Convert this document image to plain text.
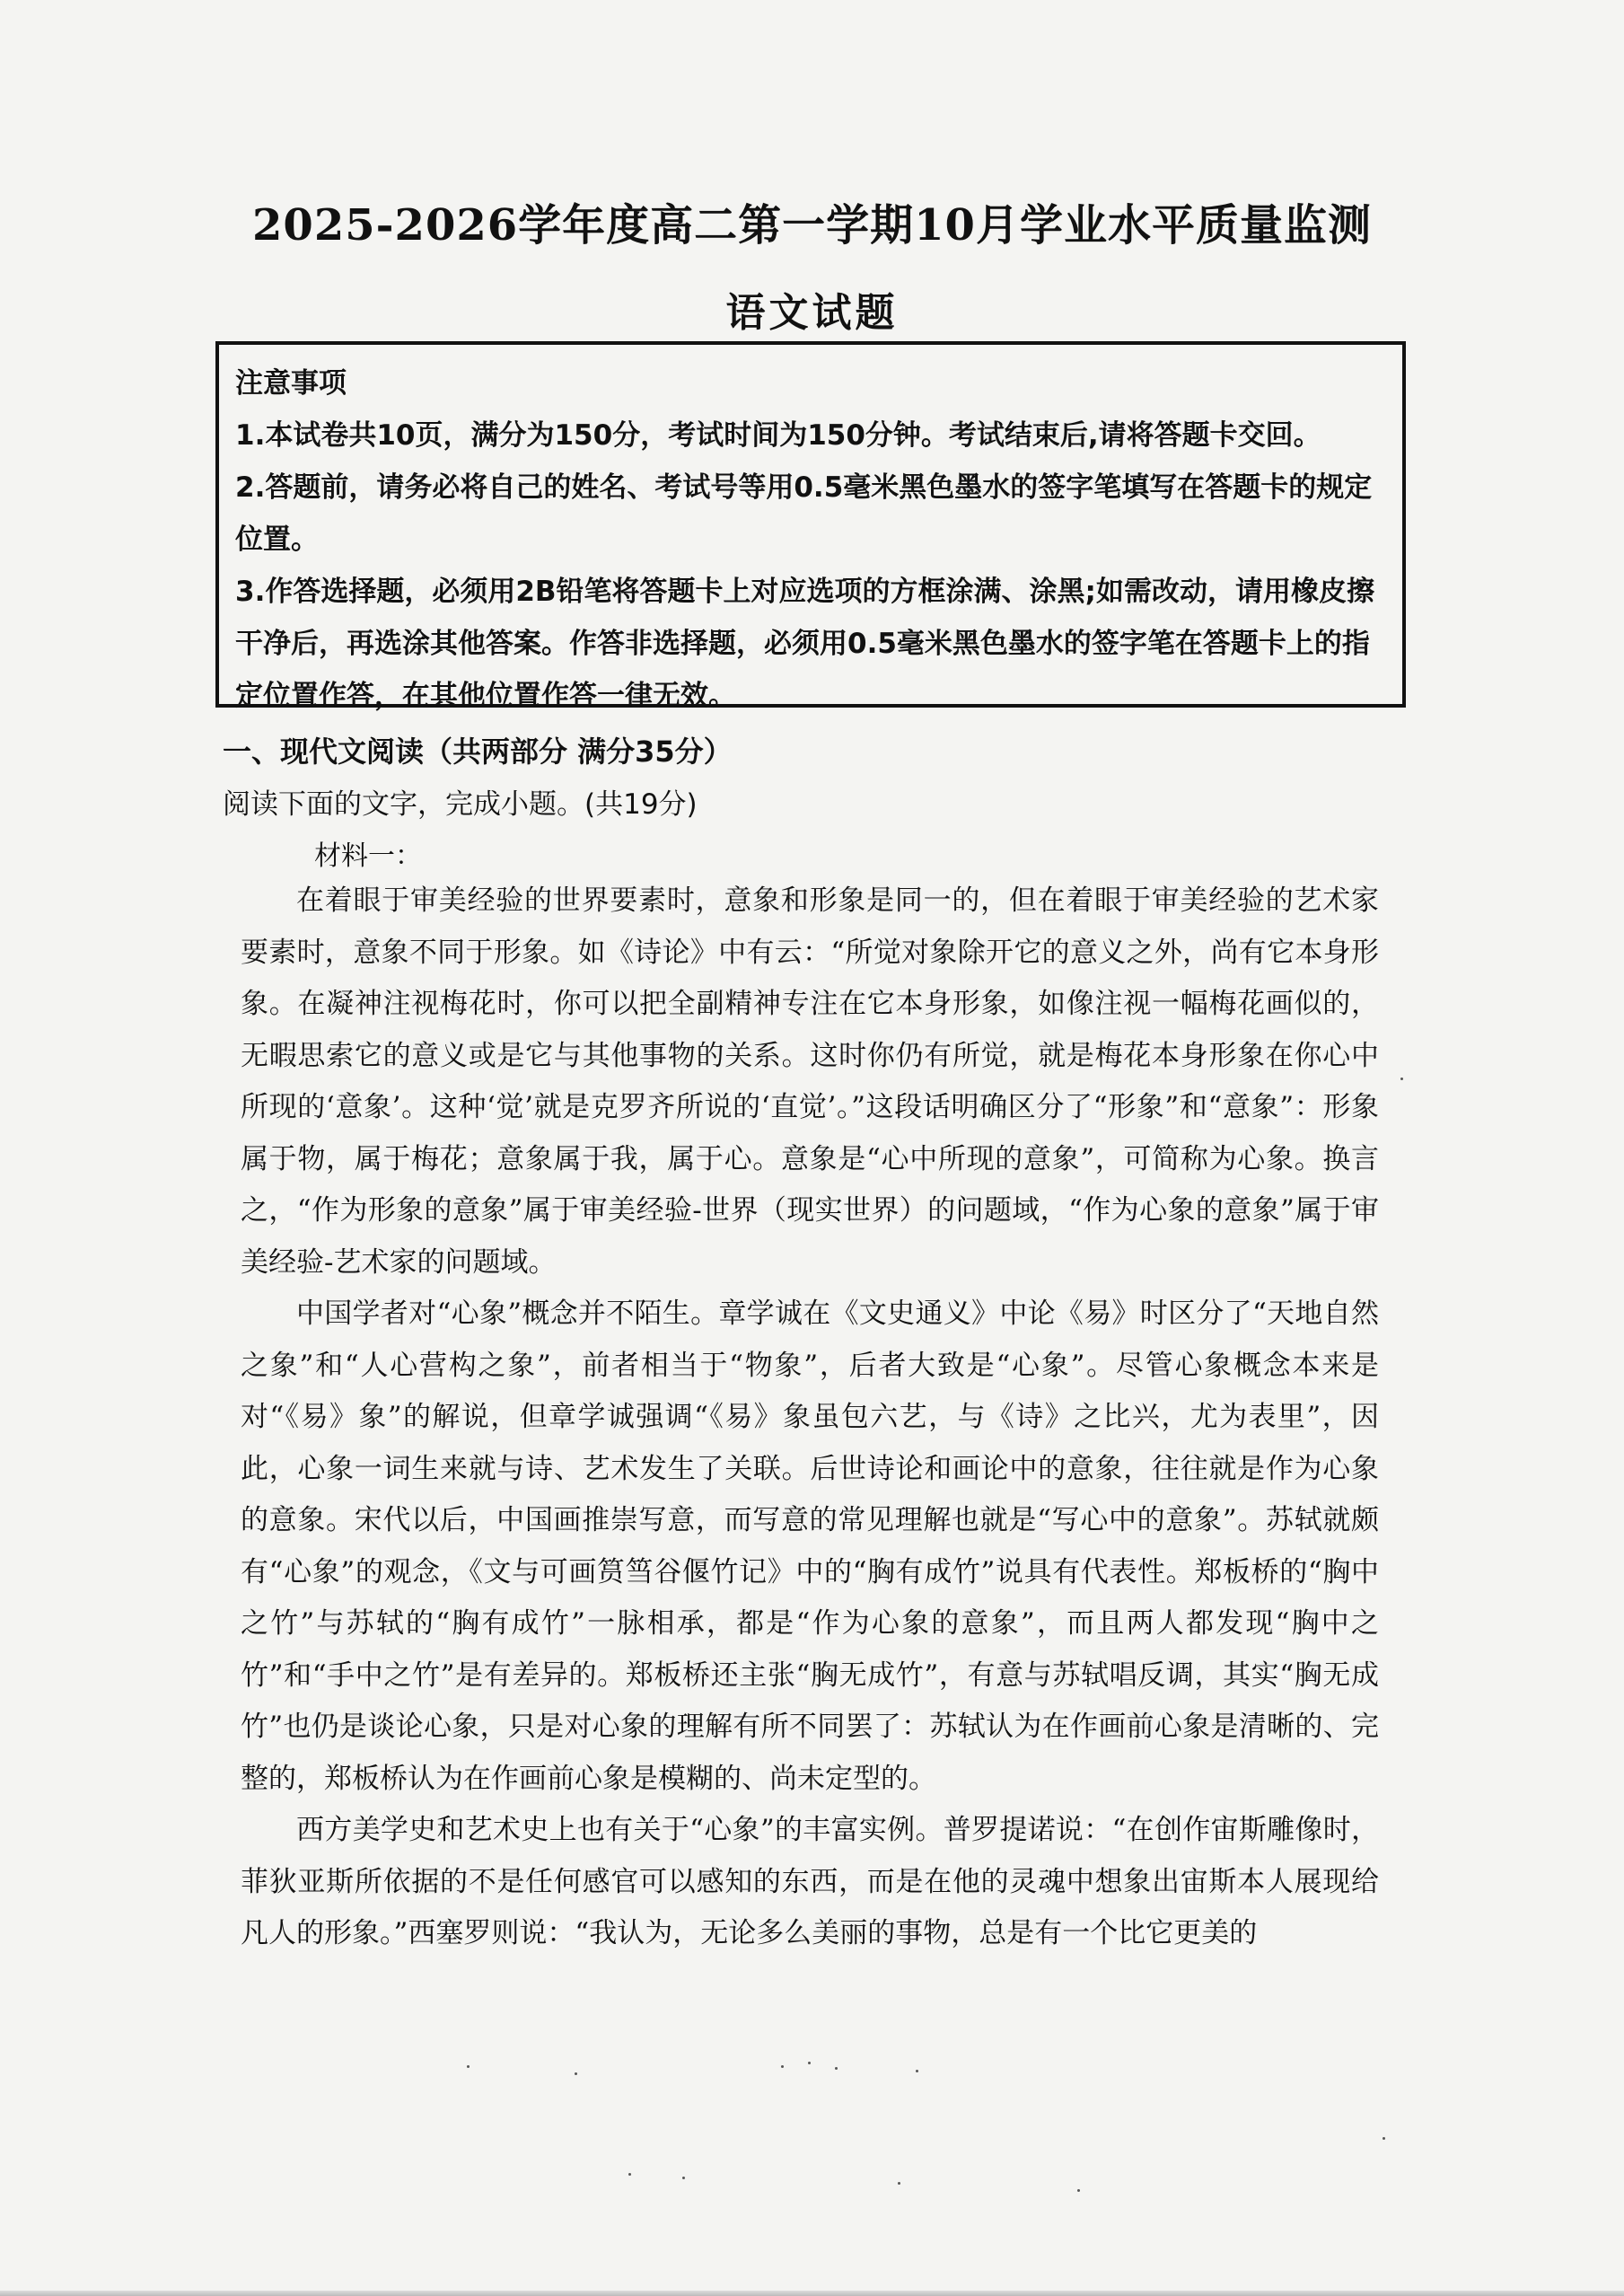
2025-2026学年度高二第一学期10月学业水平质量监测
语文试题

注意事项

1.本试卷共10页，满分为150分，考试时间为150分钟。考试结束后,请将答题卡交回。

2.答题前，请务必将自己的姓名、考试号等用0.5毫米黑色墨水的签字笔填写在答题卡的规定位置。

3.作答选择题，必须用2B铅笔将答题卡上对应选项的方框涂满、涂黑;如需改动，请用橡皮擦干净后，再选涂其他答案。作答非选择题，必须用0.5毫米黑色墨水的签字笔在答题卡上的指定位置作答，在其他位置作答一律无效。

一、现代文阅读（共两部分 满分35分）
阅读下面的文字，完成小题。(共19分)
材料一：

在着眼于审美经验的世界要素时，意象和形象是同一的，但在着眼于审美经验的艺术家要素时，意象不同于形象。如《诗论》中有云：“所觉对象除开它的意义之外，尚有它本身形象。在凝神注视梅花时，你可以把全副精神专注在它本身形象，如像注视一幅梅花画似的，无暇思索它的意义或是它与其他事物的关系。这时你仍有所觉，就是梅花本身形象在你心中所现的‘意象’。这种‘觉’就是克罗齐所说的‘直觉’。”这段话明确区分了“形象”和“意象”：形象属于物，属于梅花；意象属于我，属于心。意象是“心中所现的意象”，可简称为心象。换言之，“作为形象的意象”属于审美经验-世界（现实世界）的问题域，“作为心象的意象”属于审美经验-艺术家的问题域。

中国学者对“心象”概念并不陌生。章学诚在《文史通义》中论《易》时区分了“天地自然之象”和“人心营构之象”，前者相当于“物象”，后者大致是“心象”。尽管心象概念本来是对“《易》象”的解说，但章学诚强调“《易》象虽包六艺，与《诗》之比兴，尤为表里”，因此，心象一词生来就与诗、艺术发生了关联。后世诗论和画论中的意象，往往就是作为心象的意象。宋代以后，中国画推崇写意，而写意的常见理解也就是“写心中的意象”。苏轼就颇有“心象”的观念，《文与可画筼筜谷偃竹记》中的“胸有成竹”说具有代表性。郑板桥的“胸中之竹”与苏轼的“胸有成竹”一脉相承，都是“作为心象的意象”，而且两人都发现“胸中之竹”和“手中之竹”是有差异的。郑板桥还主张“胸无成竹”，有意与苏轼唱反调，其实“胸无成竹”也仍是谈论心象，只是对心象的理解有所不同罢了：苏轼认为在作画前心象是清晰的、完整的，郑板桥认为在作画前心象是模糊的、尚未定型的。

西方美学史和艺术史上也有关于“心象”的丰富实例。普罗提诺说：“在创作宙斯雕像时，菲狄亚斯所依据的不是任何感官可以感知的东西，而是在他的灵魂中想象出宙斯本人展现给凡人的形象。”西塞罗则说：“我认为，无论多么美丽的事物，总是有一个比它更美的
